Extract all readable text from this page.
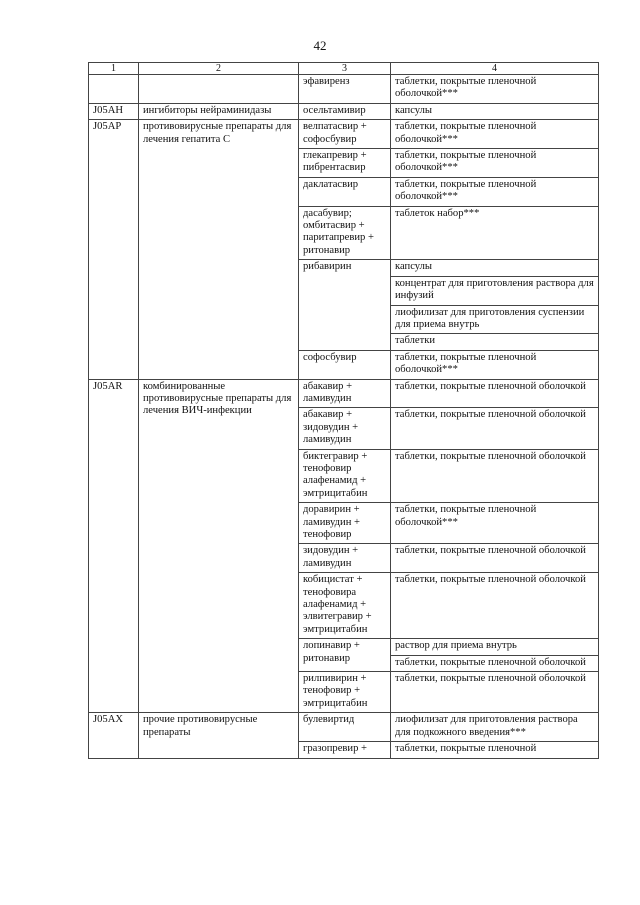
42
1	2	3	4
		эфавиренз	таблетки, покрытые пленочной оболочкой***
J05AH	ингибиторы нейраминидазы	осельтамивир	капсулы
J05AP	противовирусные препараты для лечения гепатита С	велпатасвир + софосбувир	таблетки, покрытые пленочной оболочкой***
		глекапревир + пибрентасвир	таблетки, покрытые пленочной оболочкой***
		даклатасвир	таблетки, покрытые пленочной оболочкой***
		дасабувир; омбитасвир + паритапревир + ритонавир	таблеток набор***
		рибавирин	капсулы
			концентрат для приготовления раствора для инфузий
			лиофилизат для приготовления суспензии для приема внутрь
			таблетки
		софосбувир	таблетки, покрытые пленочной оболочкой***
J05AR	комбинированные противовирусные препараты для лечения ВИЧ-инфекции	абакавир + ламивудин	таблетки, покрытые пленочной оболочкой
		абакавир + зидовудин + ламивудин	таблетки, покрытые пленочной оболочкой
		биктегравир + тенофовир алафенамид + эмтрицитабин	таблетки, покрытые пленочной оболочкой
		доравирин + ламивудин + тенофовир	таблетки, покрытые пленочной оболочкой***
		зидовудин + ламивудин	таблетки, покрытые пленочной оболочкой
		кобицистат + тенофовира алафенамид + элвитегравир + эмтрицитабин	таблетки, покрытые пленочной оболочкой
		лопинавир + ритонавир	раствор для приема внутрь
			таблетки, покрытые пленочной оболочкой
		рилпивирин + тенофовир + эмтрицитабин	таблетки, покрытые пленочной оболочкой
J05AX	прочие противовирусные препараты	булевиртид	лиофилизат для приготовления раствора для подкожного введения***
		гразопревир +	таблетки, покрытые пленочной
